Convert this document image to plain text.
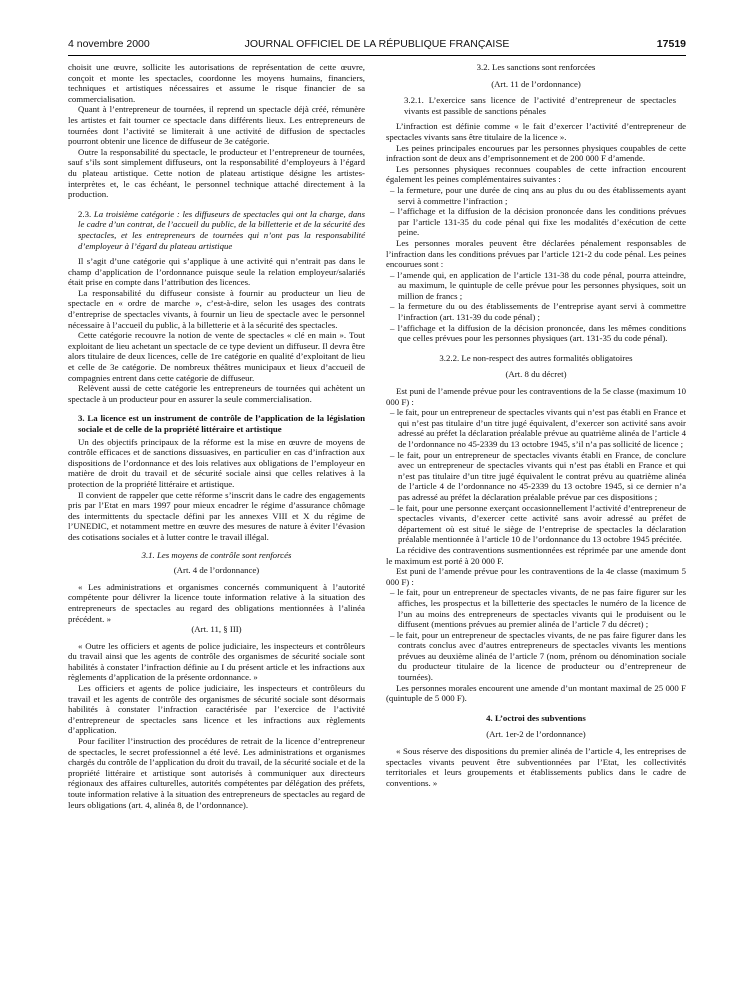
4 novembre 2000	JOURNAL OFFICIEL DE LA RÉPUBLIQUE FRANÇAISE	17519

choisit une œuvre, sollicite les autorisations de représentation de cette œuvre, conçoit et monte les spectacles, coordonne les moyens humains, financiers, techniques et artistiques nécessaires et assume le risque financier de sa commercialisation.

Quant à l’entrepreneur de tournées, il reprend un spectacle déjà créé, rémunère les artistes et fait tourner ce spectacle dans différents lieux. Les entrepreneurs de tournées dont l’activité se limiterait à une activité de diffusion de spectacles pourront obtenir une licence de diffuseur de 3e catégorie.

Outre la responsabilité du spectacle, le producteur et l’entrepreneur de tournées, sauf s’ils sont simplement diffuseurs, ont la responsabilité d’employeurs à l’égard du plateau artistique. Cette notion de plateau artistique désigne les artistes-interprètes et, le cas échéant, le personnel technique attaché directement à la production.

2.3. La troisième catégorie : les diffuseurs de spectacles qui ont la charge, dans le cadre d’un contrat, de l’accueil du public, de la billetterie et de la sécurité des spectacles, et les entrepreneurs de tournées qui n’ont pas la responsabilité d’employeur à l’égard du plateau artistique

Il s’agit d’une catégorie qui s’applique à une activité qui n’entrait pas dans le champ d’application de l’ordonnance puisque seule la relation employeur/salariés était prise en compte dans l’attribution des licences.

La responsabilité du diffuseur consiste à fournir au producteur un lieu de spectacle en « ordre de marche », c’est-à-dire, selon les usages des contrats d’entreprise de spectacles vivants, à fournir un lieu de spectacle avec le personnel nécessaire à l’accueil du public, à la billetterie et à la sécurité des spectacles.

Cette catégorie recouvre la notion de vente de spectacles « clé en main ». Tout exploitant de lieu achetant un spectacle de ce type devient un diffuseur. Il devra être alors titulaire de deux licences, celle de 1re catégorie en qualité d’exploitant de lieu et celle de 3e catégorie. De nombreux théâtres municipaux et lieux d’accueil de compagnies entrent dans cette catégorie de diffuseur.

Relèvent aussi de cette catégorie les entrepreneurs de tournées qui achètent un spectacle à un producteur pour en assurer la seule commercialisation.

3. La licence est un instrument de contrôle de l’application de la législation sociale et de celle de la propriété littéraire et artistique

Un des objectifs principaux de la réforme est la mise en œuvre de moyens de contrôle efficaces et de sanctions dissuasives, en particulier en cas d’infraction aux dispositions de l’ordonnance et des lois relatives aux obligations de l’employeur en matière de droit du travail et de sécurité sociale ainsi que celles relatives à la protection de la propriété littéraire et artistique.

Il convient de rappeler que cette réforme s’inscrit dans le cadre des engagements pris par l’Etat en mars 1997 pour mieux encadrer le régime d’assurance chômage des intermittents du spectacle défini par les annexes VIII et X du régime de l’UNEDIC, et notamment mettre en œuvre des mesures de nature à éviter l’évasion des cotisations sociales et à lutter contre le travail illégal.

3.1. Les moyens de contrôle sont renforcés

(Art. 4 de l’ordonnance)

« Les administrations et organismes concernés communiquent à l’autorité compétente pour délivrer la licence toute information relative à la situation des entrepreneurs de spectacles au regard des obligations mentionnées à l’alinéa précédent. »

(Art. 11, § III)

« Outre les officiers et agents de police judiciaire, les inspecteurs et contrôleurs du travail ainsi que les agents de contrôle des organismes de sécurité sociale sont habilités à constater l’infraction définie au I du présent article et les infractions aux règlements d’application de la présente ordonnance. »

Les officiers et agents de police judiciaire, les inspecteurs et contrôleurs du travail et les agents de contrôle des organismes de sécurité sociale sont désormais habilités à constater l’infraction caractérisée par l’exercice de l’activité d’entrepreneur de spectacles sans licence et les infractions aux règlements d’application.

Pour faciliter l’instruction des procédures de retrait de la licence d’entrepreneur de spectacles, le secret professionnel a été levé. Les administrations et organismes chargés du contrôle de l’application du droit du travail, de la sécurité sociale et de la propriété littéraire et artistique sont autorisés à communiquer aux directeurs régionaux des affaires culturelles, autorités compétentes par délégation des préfets, toute information relative à la situation des entrepreneurs de spectacles au regard de leurs obligations (art. 4, alinéa 8, de l’ordonnance).

3.2. Les sanctions sont renforcées

(Art. 11 de l’ordonnance)

3.2.1. L’exercice sans licence de l’activité d’entrepreneur de spectacles vivants est passible de sanctions pénales

L’infraction est définie comme « le fait d’exercer l’activité d’entrepreneur de spectacles vivants sans être titulaire de la licence ».

Les peines principales encourues par les personnes physiques coupables de cette infraction sont de deux ans d’emprisonnement et de 200 000 F d’amende.

Les personnes physiques reconnues coupables de cette infraction encourent également les peines complémentaires suivantes :

– la fermeture, pour une durée de cinq ans au plus du ou des établissements ayant servi à commettre l’infraction ;
– l’affichage et la diffusion de la décision prononcée dans les conditions prévues par l’article 131-35 du code pénal qui fixe les modalités d’exécution de cette peine.

Les personnes morales peuvent être déclarées pénalement responsables de l’infraction dans les conditions prévues par l’article 121-2 du code pénal. Les peines encourues sont :

– l’amende qui, en application de l’article 131-38 du code pénal, pourra atteindre, au maximum, le quintuple de celle prévue pour les personnes physiques, soit un million de francs ;
– la fermeture du ou des établissements de l’entreprise ayant servi à commettre l’infraction (art. 131-39 du code pénal) ;
– l’affichage et la diffusion de la décision prononcée, dans les mêmes conditions que celles prévues pour les personnes physiques (art. 131-35 du code pénal).

3.2.2. Le non-respect des autres formalités obligatoires

(Art. 8 du décret)

Est puni de l’amende prévue pour les contraventions de la 5e classe (maximum 10 000 F) :

– le fait, pour un entrepreneur de spectacles vivants qui n’est pas établi en France et qui n’est pas titulaire d’un titre jugé équivalent, d’exercer son activité sans avoir adressé au préfet la déclaration préalable prévue au quatrième alinéa de l’article 4 de l’ordonnance no 45-2339 du 13 octobre 1945, s’il n’a pas sollicité de licence ;
– le fait, pour un entrepreneur de spectacles vivants établi en France, de conclure avec un entrepreneur de spectacles vivants qui n’est pas établi en France et qui n’est pas titulaire d’un titre jugé équivalent le contrat prévu au quatrième alinéa de l’article 4 de l’ordonnance no 45-2339 du 13 octobre 1945, si ce dernier n’a pas adressé au préfet la déclaration préalable prévue par ces dispositions ;
– le fait, pour une personne exerçant occasionnellement l’activité d’entrepreneur de spectacles vivants, d’exercer cette activité sans avoir adressé au préfet de département où est situé le siège de l’entreprise de spectacles la déclaration préalable mentionnée à l’article 10 de l’ordonnance du 13 octobre 1945 précitée.

La récidive des contraventions susmentionnées est réprimée par une amende dont le maximum est porté à 20 000 F.

Est puni de l’amende prévue pour les contraventions de la 4e classe (maximum 5 000 F) :

– le fait, pour un entrepreneur de spectacles vivants, de ne pas faire figurer sur les affiches, les prospectus et la billetterie des spectacles le numéro de la licence de l’un au moins des entrepreneurs de spectacles vivants qui le produisent ou le diffusent (mentions prévues au premier alinéa de l’article 7 du décret) ;
– le fait, pour un entrepreneur de spectacles vivants, de ne pas faire figurer dans les contrats conclus avec d’autres entrepreneurs de spectacles vivants les mentions prévues au deuxième alinéa de l’article 7 (nom, prénom ou dénomination sociale du producteur titulaire de la licence de producteur ou d’entrepreneur de tournées).

Les personnes morales encourent une amende d’un montant maximal de 25 000 F (quintuple de 5 000 F).

4. L’octroi des subventions

(Art. 1er-2 de l’ordonnance)

« Sous réserve des dispositions du premier alinéa de l’article 4, les entreprises de spectacles vivants peuvent être subventionnées par l’Etat, les collectivités territoriales et leurs groupements et établissements publics dans le cadre de conventions. »
